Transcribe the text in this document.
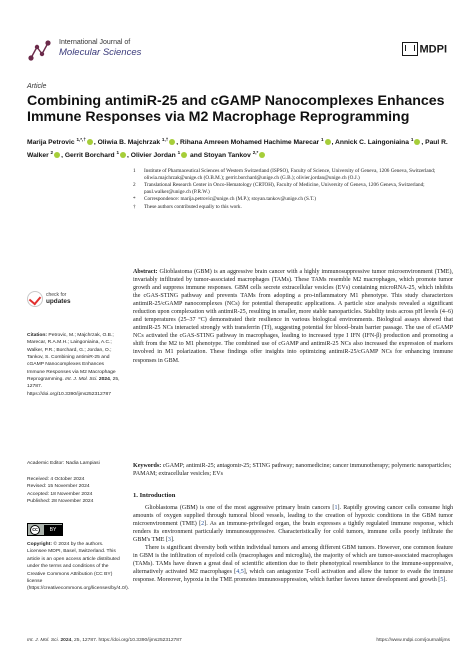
International Journal of
Molecular Sciences	MDPI
Article
Combining antimiR-25 and cGAMP Nanocomplexes Enhances Immune Responses via M2 Macrophage Reprogramming
Marija Petrovic $^{1,*,\dagger}$ , Oliwia B. Majchrzak $^{1,\dagger}$ , Rihana Amreen Mohamed Hachime Marecar $^1$ , Annick C. Laingoniaina $^1$ , Paul R. Walker $^2$ , Gerrit Borchard $^1$ , Olivier Jordan $^1$ and Stoyan Tankov $^{2,*}$
1 Institute of Pharmaceutical Sciences of Western Switzerland (ISPSO), Faculty of Science, University of Geneva, 1206 Geneva, Switzerland; oliwia.majchrzak@unige.ch (O.B.M.); gerrit.borchard@unige.ch (G.B.); olivier.jordan@unige.ch (O.J.)
2 Translational Research Center in Onco-Hematology (CRTOH), Faculty of Medicine, University of Geneva, 1206 Geneva, Switzerland; paul.walker@unige.ch (P.R.W.)
* Correspondence: marija.petrovic@unige.ch (M.P.); stoyan.tankov@unige.ch (S.T.)
† These authors contributed equally to this work.
Abstract: Glioblastoma (GBM) is an aggressive brain cancer with a highly immunosuppressive tumor microenvironment (TME), invariably infiltrated by tumor-associated macrophages (TAMs). These TAMs resemble M2 macrophages, which promote tumor growth and suppress immune responses. GBM cells secrete extracellular vesicles (EVs) containing microRNA-25, which inhibits the cGAS-STING pathway and prevents TAMs from adopting a pro-inflammatory M1 phenotype. This study characterizes antimiR-25/cGAMP nanocomplexes (NCs) for potential therapeutic applications. A particle size analysis revealed a significant reduction upon complexation with antimiR-25, resulting in smaller, more stable nanoparticles. Stability tests across pH levels (4–6) and temperatures (25–37 °C) demonstrated their resilience in various biological environments. Biological assays showed that antimiR-25 NCs interacted strongly with transferrin (Tf), suggesting potential for blood–brain barrier passage. The use of cGAMP NCs activated the cGAS-STING pathway in macrophages, leading to increased type I IFN (IFN-β) production and promoting a shift from the M2 to M1 phenotype. The combined use of cGAMP and antimiR-25 NCs also increased the expression of markers involved in M1 polarization. These findings offer insights into optimizing antimiR-25/cGAMP NCs for enhancing immune responses in GBM.
Keywords: cGAMP; antimiR-25; antagomir-25; STING pathway; nanomedicine; cancer immunotherapy; polymeric nanoparticles; PAMAM; extracellular vesicles; EVs
1. Introduction

Glioblastoma (GBM) is one of the most aggressive primary brain cancers [1]. Rapidly growing cancer cells consume high amounts of oxygen supplied through tumoral blood vessels, leading to the creation of hypoxic conditions in the GBM tumor microenvironment (TME) [2]. As an immune-privileged organ, the brain expresses a tightly regulated immune response, which renders its environment particularly immunosuppressive. Characteristically for cold tumors, immune cells poorly infiltrate the GBM's TME [3].

There is significant diversity both within individual tumors and among different GBM tumors. However, one common feature in GBM is the infiltration of myeloid cells (macrophages and microglia), the majority of which are tumor-associated macrophages (TAMs). TAMs have drawn a great deal of scientific attention due to their phenotypical resemblance to the immune-suppressive, alternatively activated M2 macrophages [4,5], which can antagonize T-cell activation and allow the tumor to evade the immune response. Moreover, hypoxia in the TME promotes immunosuppression, which further favors tumor development and growth [5].

check for
updates
Citation: Petrovic, M.; Majchrzak, O.B.; Marecar, R.A.M.H.; Laingoniaina, A.C.; Walker, P.R.; Borchard, G.; Jordan, O.; Tankov, S. Combining antimiR-25 and cGAMP Nanocomplexes Enhances Immune Responses via M2 Macrophage Reprogramming. Int. J. Mol. Sci. 2024, 25, 12787. https://doi.org/10.3390/ijms252312787
Academic Editor: Nadia Lampiasi
Received: 4 October 2024
Revised: 15 November 2024
Accepted: 18 November 2024
Published: 28 November 2024
cc	BY
Copyright: © 2024 by the authors. Licensee MDPI, Basel, Switzerland. This article is an open access article distributed under the terms and conditions of the Creative Commons Attribution (CC BY) license (https://creativecommons.org/licenses/by/4.0/).
Int. J. Mol. Sci. 2024, 25, 12787. https://doi.org/10.3390/ijms252312787	https://www.mdpi.com/journal/ijms
